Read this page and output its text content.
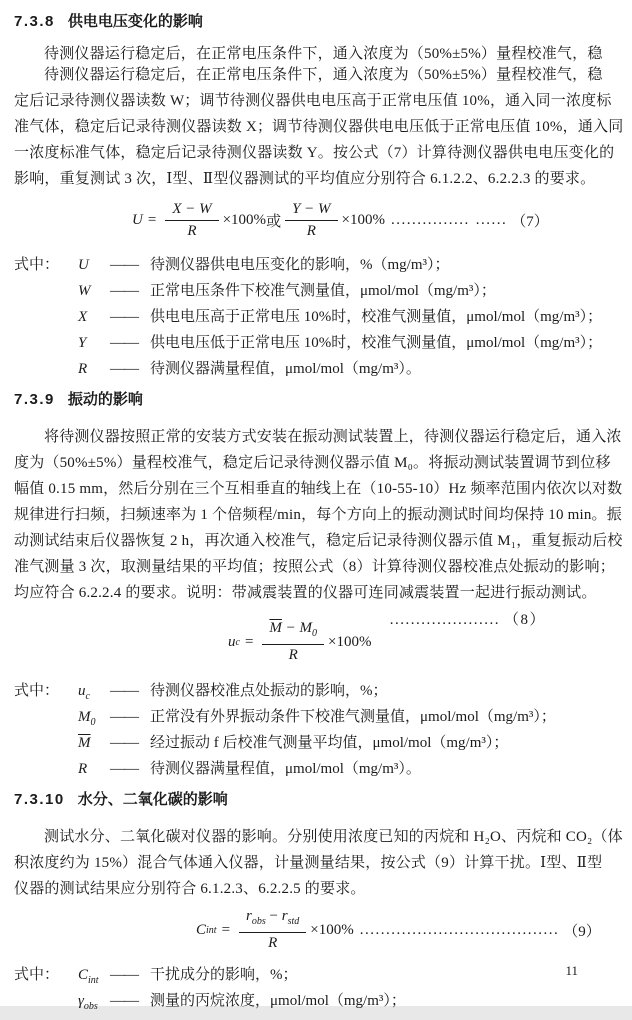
7.3.8 供电电压变化的影响
待测仪器运行稳定后，在正常电压条件下，通入浓度为（50%±5%）量程校准气，稳
待测仪器运行稳定后，在正常电压条件下，通入浓度为（50%±5%）量程校准气，稳
定后记录待测仪器读数 W；调节待测仪器供电电压高于正常电压值 10%，通入同一浓度标
准气体，稳定后记录待测仪器读数 X；调节待测仪器供电电压低于正常电压值 10%，通入同
一浓度标准气体，稳定后记录待测仪器读数 Y。按公式（7）计算待测仪器供电电压变化的
影响，重复测试 3 次，Ⅰ型、Ⅱ型仪器测试的平均值应分别符合 6.1.2.2、6.2.2.3 的要求。
$U = \frac{X - W}{R} \times 100\%$ 或 $\frac{Y - W}{R} \times 100\%$ ............... ...... （7）
式中：	U	—— 待测仪器供电电压变化的影响，%（mg/m³）；
W	—— 正常电压条件下校准气测量值，μmol/mol（mg/m³）；
X	—— 供电电压高于正常电压 10%时，校准气测量值，μmol/mol（mg/m³）；
Y	—— 供电电压低于正常电压 10%时，校准气测量值，μmol/mol（mg/m³）；
R	—— 待测仪器满量程值，μmol/mol（mg/m³）。
7.3.9 振动的影响
将待测仪器按照正常的安装方式安装在振动测试装置上，待测仪器运行稳定后，通入浓
度为（50%±5%）量程校准气，稳定后记录待测仪器示值 M₀。将振动测试装置调节到位移
幅值 0.15 mm，然后分别在三个互相垂直的轴线上在（10-55-10）Hz 频率范围内依次以对数
规律进行扫频，扫频速率为 1 个倍频程/min，每个方向上的振动测试时间均保持 10 min。振
动测试结束后仪器恢复 2 h，再次通入校准气，稳定后记录待测仪器示值 M₁，重复振动后校
准气测量 3 次，取测量结果的平均值；按照公式（8）计算待测仪器校准点处振动的影响；
均应符合 6.2.2.4 的要求。说明：带减震装置的仪器可连同减震装置一起进行振动测试。
..................... （8）
u $c = \frac{\overline{M} - M_0}{R} \times 100\%$
式中：	$u_c$	—— 待测仪器校准点处振动的影响，%；
$M_0$ —— 正常没有外界振动条件下校准气测量值，μmol/mol（mg/m³）；
$\overline{M}$	—— 经过振动 f 后校准气测量平均值，μmol/mol（mg/m³）；
R	—— 待测仪器满量程值，μmol/mol（mg/m³）。
7.3.10 水分、二氧化碳的影响
测试水分、二氧化碳对仪器的影响。分别使用浓度已知的丙烷和 H₂O、丙烷和 CO₂（体
积浓度约为 15%）混合气体通入仪器，计量测量结果，按公式（9）计算干扰。Ⅰ型、Ⅱ型
仪器的测试结果应分别符合 6.1.2.3、6.2.2.5 的要求。
C int = $\frac{r_{obs} - r_{std}}{R} \times 100\%$ ...................................... （9）
式中：	$C_{int}$ —— 干扰成分的影响，%；
$\gamma_{obs}$ —— 测量的丙烷浓度，μmol/mol（mg/m³）；
11
